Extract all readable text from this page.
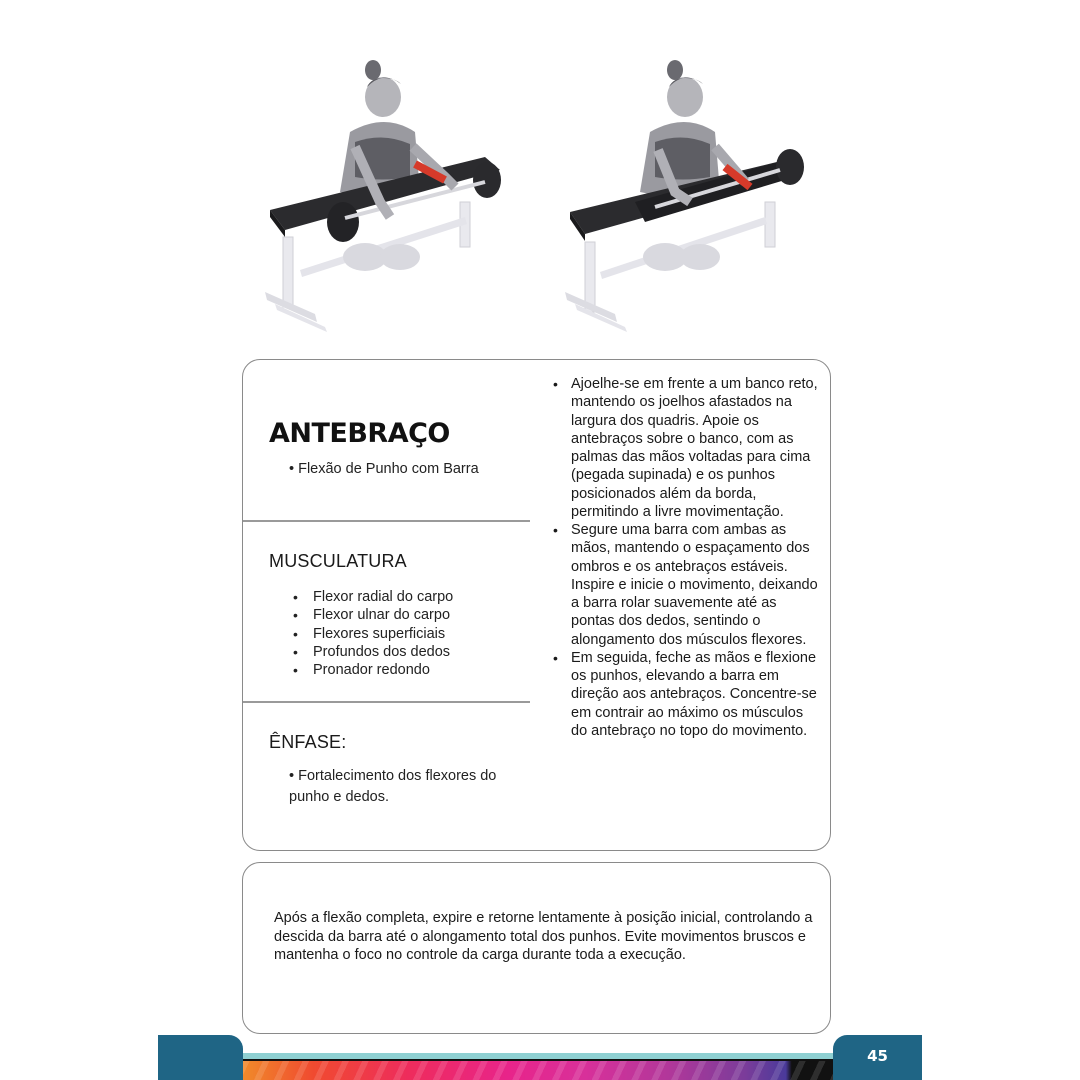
ANTEBRAÇO
• Flexão de Punho com Barra
MUSCULATURA
• Flexor radial do carpo
• Flexor ulnar do carpo
• Flexores superficiais
• Profundos dos dedos
• Pronador redondo
ÊNFASE:
• Fortalecimento dos flexores do punho e dedos.
• Ajoelhe-se em frente a um banco reto, mantendo os joelhos afastados na largura dos quadris. Apoie os antebraços sobre o banco, com as palmas das mãos voltadas para cima (pegada supinada) e os punhos posicionados além da borda, permitindo a livre movimentação.
• Segure uma barra com ambas as mãos, mantendo o espaçamento dos ombros e os antebraços estáveis. Inspire e inicie o movimento, deixando a barra rolar suavemente até as pontas dos dedos, sentindo o alongamento dos músculos flexores.
• Em seguida, feche as mãos e flexione os punhos, elevando a barra em direção aos antebraços. Concentre-se em contrair ao máximo os músculos do antebraço no topo do movimento.

Após a flexão completa, expire e retorne lentamente à posição inicial, controlando a descida da barra até o alongamento total dos punhos. Evite movimentos bruscos e mantenha o foco no controle da carga durante toda a execução.

45
